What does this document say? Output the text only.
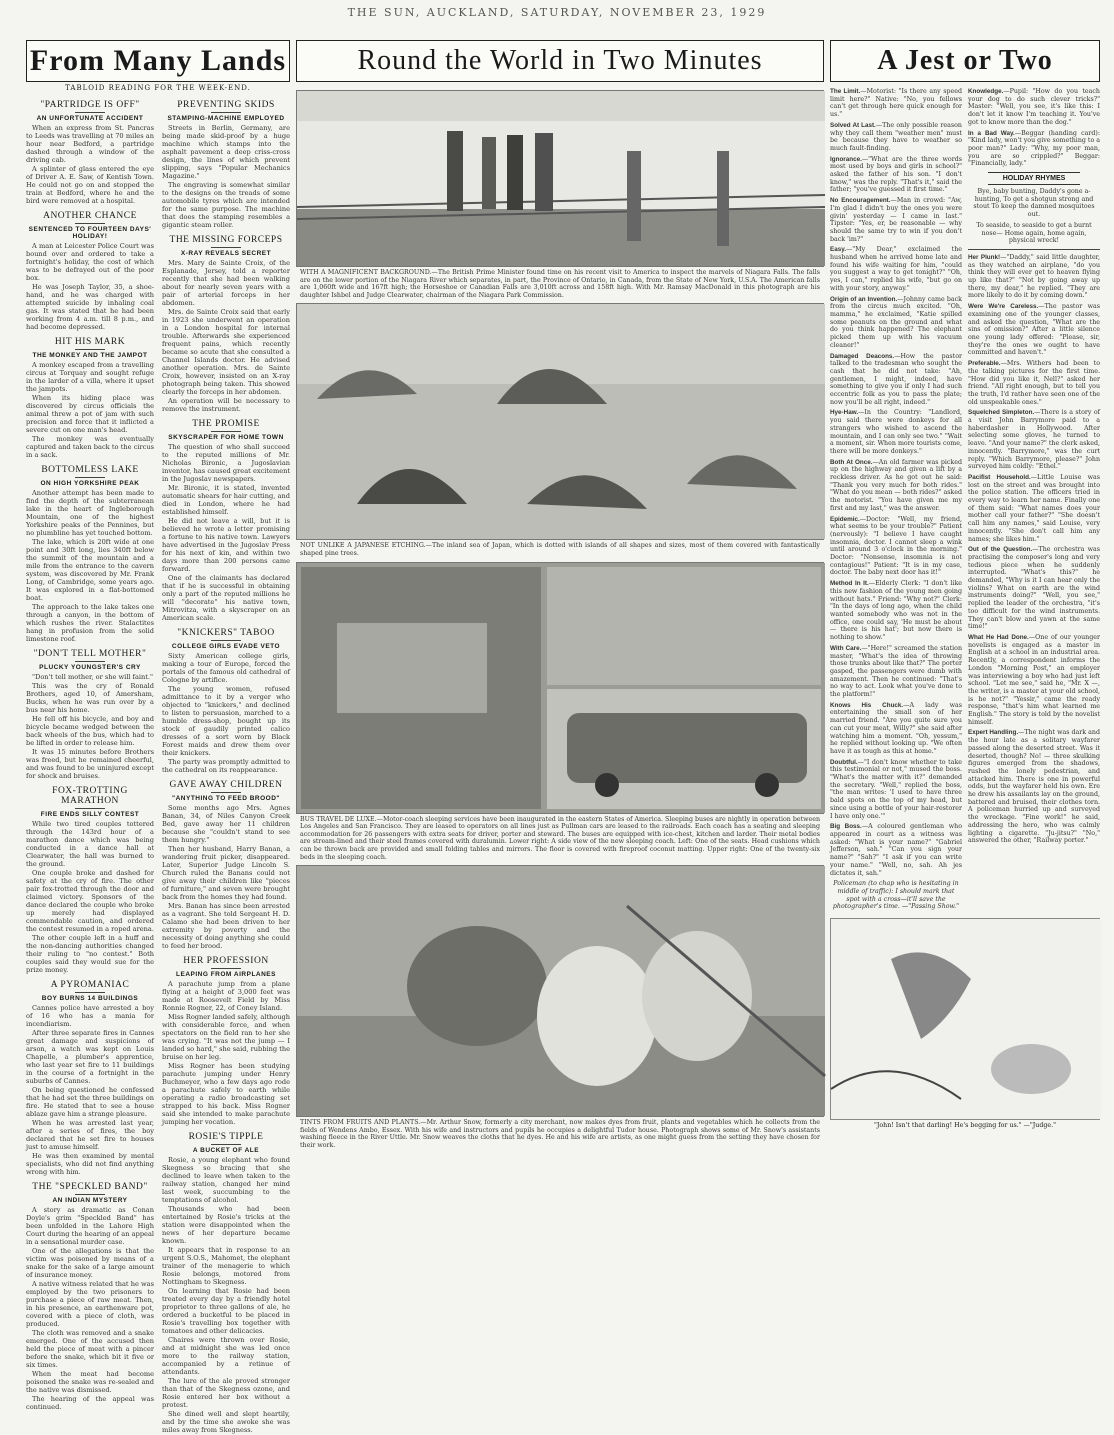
THE SUN, AUCKLAND, SATURDAY, NOVEMBER 23, 1929
From Many Lands
TABLOID READING FOR THE WEEK-END.
"PARTRIDGE IS OFF"
AN UNFORTUNATE ACCIDENT

When an express from St. Pancras to Leeds was travelling at 70 miles an hour near Bedford, a partridge dashed through a window of the driving cab.

A splinter of glass entered the eye of Driver A. E. Saw, of Kentish Town. He could not go on and stopped the train at Bedford, where he and the bird were removed at a hospital.

ANOTHER CHANCE
SENTENCED TO FOURTEEN DAYS' HOLIDAY!

A man at Leicester Police Court was bound over and ordered to take a fortnight's holiday, the cost of which was to be defrayed out of the poor box.

He was Joseph Taylor, 35, a shoe-hand, and he was charged with attempted suicide by inhaling coal gas. It was stated that he had been working from 4 a.m. till 8 p.m., and had become depressed.

HIT HIS MARK
THE MONKEY AND THE JAMPOT

A monkey escaped from a travelling circus at Torquay and sought refuge in the larder of a villa, where it upset the jampots.

When its hiding place was discovered by circus officials the animal threw a pot of jam with such precision and force that it inflicted a severe cut on one man's head.

The monkey was eventually captured and taken back to the circus in a sack.

BOTTOMLESS LAKE
ON HIGH YORKSHIRE PEAK

Another attempt has been made to find the depth of the subterranean lake in the heart of Ingleborough Mountain, one of the highest Yorkshire peaks of the Pennines, but no plumbline has yet touched bottom.

The lake, which is 20ft wide at one point and 30ft long, lies 340ft below the summit of the mountain and a mile from the entrance to the cavern system, was discovered by Mr. Frank Long, of Cambridge, some years ago. It was explored in a flat-bottomed boat.

The approach to the lake takes one through a canyon, in the bottom of which rushes the river. Stalactites hang in profusion from the solid limestone roof.

"DON'T TELL MOTHER"
PLUCKY YOUNGSTER'S CRY

"Don't tell mother, or she will faint."

This was the cry of Ronald Brothers, aged 10, of Amersham, Bucks, when he was run over by a bus near his home.

He fell off his bicycle, and boy and bicycle became wedged between the back wheels of the bus, which had to be lifted in order to release him.

It was 15 minutes before Brothers was freed, but he remained cheerful, and was found to be uninjured except for shock and bruises.

FOX-TROTTING MARATHON
FIRE ENDS SILLY CONTEST

While two tired couples tottered through the 143rd hour of a marathon dance which was being conducted in a dance hall at Clearwater, the hall was burned to the ground.

One couple broke and dashed for safety at the cry of fire. The other pair fox-trotted through the door and claimed victory. Sponsors of the dance declared the couple who broke up merely had displayed commendable caution, and ordered the contest resumed in a roped arena.

The other couple left in a huff and the non-dancing authorities changed their ruling to "no contest." Both couples said they would sue for the prize money.

A PYROMANIAC
BOY BURNS 14 BUILDINGS

Cannes police have arrested a boy of 16 who has a mania for incendiarism.

After three separate fires in Cannes great damage and suspicions of arson, a watch was kept on Louis Chapelle, a plumber's apprentice, who last year set fire to 11 buildings in the course of a fortnight in the suburbs of Cannes.

On being questioned he confessed that he had set the three buildings on fire. He stated that to see a house ablaze gave him a strange pleasure.

When he was arrested last year, after a series of fires, the boy declared that he set fire to houses just to amuse himself.

He was then examined by mental specialists, who did not find anything wrong with him.

THE "SPECKLED BAND"
AN INDIAN MYSTERY

A story as dramatic as Conan Doyle's grim "Speckled Band" has been unfolded in the Lahore High Court during the hearing of an appeal in a sensational murder case.

One of the allegations is that the victim was poisoned by means of a snake for the sake of a large amount of insurance money.

A native witness related that he was employed by the two prisoners to purchase a piece of raw meat. Then, in his presence, an earthenware pot, covered with a piece of cloth, was produced.

The cloth was removed and a snake emerged. One of the accused then held the piece of meat with a pincer before the snake, which bit it five or six times.

When the meat had become poisoned the snake was re-sealed and the native was dismissed.

The hearing of the appeal was continued.

PREVENTING SKIDS
STAMPING-MACHINE EMPLOYED

Streets in Berlin, Germany, are being made skid-proof by a huge machine which stamps into the asphalt pavement a deep criss-cross design, the lines of which prevent slipping, says "Popular Mechanics Magazine."

The engraving is somewhat similar to the designs on the treads of some automobile tyres which are intended for the same purpose. The machine that does the stamping resembles a gigantic steam roller.

THE MISSING FORCEPS
X-RAY REVEALS SECRET

Mrs. Mary de Sainte Croix, of the Esplanade, Jersey, told a reporter recently that she had been walking about for nearly seven years with a pair of arterial forceps in her abdomen.

Mrs. de Sainte Croix said that early in 1923 she underwent an operation in a London hospital for internal trouble. Afterwards she experienced frequent pains, which recently became so acute that she consulted a Channel Islands doctor. He advised another operation. Mrs. de Sainte Croix, however, insisted on an X-ray photograph being taken. This showed clearly the forceps in her abdomen.

An operation will be necessary to remove the instrument.

THE PROMISE
SKYSCRAPER FOR HOME TOWN

The question of who shall succeed to the reputed millions of Mr. Nicholas Bironic, a Jugoslavian inventor, has caused great excitement in the Jugoslav newspapers.

Mr. Bironic, it is stated, invented automatic shears for hair cutting, and died in London, where he had established himself.

He did not leave a will, but it is believed he wrote a letter promising a fortune to his native town. Lawyers have advertised in the Jugoslav Press for his next of kin, and within two days more than 200 persons came forward.

One of the claimants has declared that if he is successful in obtaining only a part of the reputed millions he will "decorate" his native town, Mitrovitza, with a skyscraper on an American scale.

"KNICKERS" TABOO
COLLEGE GIRLS EVADE VETO

Sixty American college girls, making a tour of Europe, forced the portals of the famous old cathedral of Cologne by artifice.

The young women, refused admittance to it by a verger who objected to "knickers," and declined to listen to persuasion, marched to a humble dress-shop, bought up its stock of gaudily printed calico dresses of a sort worn by Black Forest maids and drew them over their knickers.

The party was promptly admitted to the cathedral on its reappearance.

GAVE AWAY CHILDREN
"ANYTHING TO FEED BROOD"

Some months ago Mrs. Agnes Banan, 34, of Niles Canyon Creek Bed, gave away her 11 children because she "couldn't stand to see them hungry."

Then her husband, Harry Banan, a wandering fruit picker, disappeared. Later, Superior Judge Lincoln S. Church ruled the Banans could not give away their children like "pieces of furniture," and seven were brought back from the homes they had found.

Mrs. Banan has since been arrested as a vagrant. She told Sergeant H. D. Calamo she had been driven to her extremity by poverty and the necessity of doing anything she could to feed her brood.

HER PROFESSION
LEAPING FROM AIRPLANES

A parachute jump from a plane flying at a height of 3,000 feet was made at Roosevelt Field by Miss Ronnie Rogner, 22, of Coney Island.

Miss Rogner landed safely, although with considerable force, and when spectators on the field ran to her she was crying. "It was not the jump — I landed so hard," she said, rubbing the bruise on her leg.

Miss Rogner has been studying parachute jumping under Henry Buchmeyer, who a few days ago rode a parachute safely to earth while operating a radio broadcasting set strapped to his back. Miss Rogner said she intended to make parachute jumping her vocation.

ROSIE'S TIPPLE
A BUCKET OF ALE

Rosie, a young elephant who found Skegness so bracing that she declined to leave when taken to the railway station, changed her mind last week, succumbing to the temptations of alcohol.

Thousands who had been entertained by Rosie's tricks at the station were disappointed when the news of her departure became known.

It appears that in response to an urgent S.O.S., Mahomet, the elephant trainer of the menagerie to which Rosie belongs, motored from Nottingham to Skegness.

On learning that Rosie had been treated every day by a friendly hotel proprietor to three gallons of ale, he ordered a bucketful to be placed in Rosie's travelling box together with tomatoes and other delicacies.

Chaires were thrown over Rosie, and at midnight she was led once more to the railway station, accompanied by a retinue of attendants.

The lure of the ale proved stronger than that of the Skegness ozone, and Rosie entered her box without a protest.

She dined well and slept heartily, and by the time she awoke she was miles away from Skegness.

Round the World in Two Minutes
WITH A MAGNIFICENT BACKGROUND.—The British Prime Minister found time on his recent visit to America to inspect the marvels of Niagara Falls. The falls are on the lower portion of the Niagara River which separates, in part, the Province of Ontario, in Canada, from the State of New York, U.S.A. The American falls are 1,060ft wide and 167ft high; the Horseshoe or Canadian Falls are 3,010ft across and 158ft high. With Mr. Ramsay MacDonald in this photograph are his daughter Ishbel and Judge Clearwater, chairman of the Niagara Park Commission.
NOT UNLIKE A JAPANESE ETCHING.—The inland sea of Japan, which is dotted with islands of all shapes and sizes, most of them covered with fantastically shaped pine trees.
BUS TRAVEL DE LUXE.—Motor-coach sleeping services have been inaugurated in the eastern States of America. Sleeping buses are nightly in operation between Los Angeles and San Francisco. They are leased to operators on all lines just as Pullman cars are leased to the railroads. Each coach has a seating and sleeping accommodation for 26 passengers with extra seats for driver, porter and steward. The buses are equipped with ice-chest, kitchen and larder. Their metal bodies are stream-lined and their steel frames covered with duralumin. Lower right: A side view of the new sleeping coach. Left: One of the seats. Head cushions which can be thrown back are provided and small folding tables and mirrors. The floor is covered with fireproof coconut matting. Upper right: One of the twenty-six beds in the sleeping coach.
TINTS FROM FRUITS AND PLANTS.—Mr. Arthur Snow, formerly a city merchant, now makes dyes from fruit, plants and vegetables which he collects from the fields of Wendens Ambo, Essex. With his wife and instructors and pupils he occupies a delightful Tudor house. Photograph shows some of Mr. Snow's assistants washing fleece in the River Uttle. Mr. Snow weaves the cloths that he dyes. He and his wife are artists, as one might guess from the setting they have chosen for their work.
A Jest or Two

The Limit.—Motorist: "Is there any speed limit here?" Native: "No, you fellows can't get through here quick enough for us."

Solved At Last.—The only possible reason why they call them "weather men" must be because they have to weather so much fault-finding.

Ignorance.—"What are the three words most used by boys and girls in school?" asked the father of his son. "I don't know," was the reply. "That's it," said the father; "you've guessed it first time."

No Encouragement.—Man in crowd: "Aw, I'm glad I didn't buy the ones you were givin' yesterday — I came in last." Tipster: "Yes, er, be reasonable — why should the same try to win if you don't back 'im?"

Easy.—"My Dear," exclaimed the husband when he arrived home late and found his wife waiting for him, "could you suggest a way to get tonight?" "Oh, yes, I can," replied his wife, "but go on with your story, anyway."

Origin of an Invention.—Johnny came back from the circus much excited. "Oh, mamma," he exclaimed, "Katie spilled some peanuts on the ground and what do you think happened? The elephant picked them up with his vacuum cleaner!"

Damaged Deacons.—How the pastor talked to the tradesman who sought the cash that he did not take: "Ah, gentlemen, I might, indeed, have something to give you if only I had such eccentric folk as you to pass the plate; now you'll be all right, indeed."

Hye-Haw.—In the Country: "Landlord, you said there were donkeys for all strangers who wished to ascend the mountain, and I can only see two." "Wait a moment, sir. When more tourists come, there will be more donkeys."

Both At Once.—An old farmer was picked up on the highway and given a lift by a reckless driver. As he got out he said: "Thank you very much for both rides." "What do you mean — both rides?" asked the motorist. "You have given me my first and my last," was the answer.

Epidemic.—Doctor: "Well, my friend, what seems to be your trouble?" Patient (nervously): "I believe I have caught insomnia, doctor. I cannot sleep a wink until around 3 o'clock in the morning." Doctor: "Nonsense, insomnia is not contagious!" Patient: "It is in my case, doctor. The baby next door has it!"

Method In It.—Elderly Clerk: "I don't like this new fashion of the young men going without hats." Friend: "Why not?" Clerk: "In the days of long ago, when the child wanted somebody who was not in the office, one could say, 'He must be about — there is his hat'; but now there is nothing to show."

With Care.—"Here!" screamed the station master, "What's the idea of throwing those trunks about like that?" The porter gasped, the passengers were dumb with amazement. Then he continued: "That's no way to act. Look what you've done to the platform!"

Knows His Chuck.—A lady was entertaining the small son of her married friend. "Are you quite sure you can cut your meat, Willy?" she said after watching him a moment. "Oh, yessum," he replied without looking up. "We often have it as tough as this at home."

Doubtful.—"I don't know whether to take this testimonial or not," mused the boss. "What's the matter with it?" demanded the secretary. "Well," replied the boss, "the man writes: 'I used to have three bald spots on the top of my head, but since using a bottle of your hair-restorer I have only one.'"

Big Boss.—A coloured gentleman who appeared in court as a witness was asked: "What is your name?" "Gabriel Jefferson, sah." "Can you sign your name?" "Sah?" "I ask if you can write your name." "Well, no, sah. Ah jes dictates it, sah."

Policeman (to chap who is hesitating in middle of traffic): I should mark that spot with a cross—it'll save the photographer's time. —"Passing Show."

Knowledge.—Pupil: "How do you teach your dog to do such clever tricks?" Master: "Well, you see, it's like this: I don't let it know I'm teaching it. You've got to know more than the dog."

In a Bad Way.—Beggar (handing card): "Kind lady, won't you give something to a poor man?" Lady: "Why, my poor man, you are so crippled?" Beggar: "Financially, lady."

HOLIDAY RHYMES

Bye, baby bunting, Daddy's gone a-hunting, To get a shotgun strong and stout To keep the damned mosquitoes out.

To seaside, to seaside to get a burnt nose— Home again, home again, physical wreck!

Her Plunk!—"Daddy," said little daughter, as they watched an airplane, "do you think they will ever get to heaven flying up like that?" "Not by going away up there, my dear," he replied. "They are more likely to do it by coming down."

Were We're Careless.—The pastor was examining one of the younger classes, and asked the question, "What are the sins of omission?" After a little silence one young lady offered: "Please, sir, they're the ones we ought to have committed and haven't."

Preferable.—Mrs. Withers had been to the talking pictures for the first time. "How did you like it, Nell?" asked her friend. "All right enough, but to tell you the truth, I'd rather have seen one of the old unspeakable ones."

Squelched Simpleton.—There is a story of a visit John Barrymore paid to a haberdasher in Hollywood. After selecting some gloves, he turned to leave. "And your name?" the clerk asked, innocently. "Barrymore," was the curt reply. "Which Barrymore, please?" John surveyed him coldly: "Ethel."

Pacifist Household.—Little Louise was lost on the street and was brought into the police station. The officers tried in every way to learn her name. Finally one of them said: "What names does your mother call your father?" "She doesn't call him any names," said Louise, very innocently. "She don't call him any names; she likes him."

Out of the Question.—The orchestra was practising the composer's long and very tedious piece when he suddenly interrupted. "What's this?" he demanded, "Why is it I can hear only the violins? What on earth are the wind instruments doing?" "Well, you see," replied the leader of the orchestra, "it's too difficult for the wind instruments. They can't blow and yawn at the same time!"

What He Had Done.—One of our younger novelists is engaged as a master in English at a school in an industrial area. Recently, a correspondent informs the London "Morning Post," an employer was interviewing a boy who had just left school. "Let me see," said he, "Mr. X —, the writer, is a master at your old school, is he not?" "Yessir," came the ready response, "that's him what learned me English." The story is told by the novelist himself.

Expert Handling.—The night was dark and the hour late as a solitary wayfarer passed along the deserted street. Was it deserted, though? No! — three skulking figures emerged from the shadows, rushed the lonely pedestrian, and attacked him. There is one in powerful odds, but the wayfarer held his own. Ere he drew his assailants lay on the ground, battered and bruised, their clothes torn. A policeman hurried up and surveyed the wreckage. "Fine work!" he said, addressing the hero, who was calmly lighting a cigarette. "Ju-jitsu?" "No," answered the other, "Railway porter."

"John! Isn't that darling! He's begging for us." —"Judge."
